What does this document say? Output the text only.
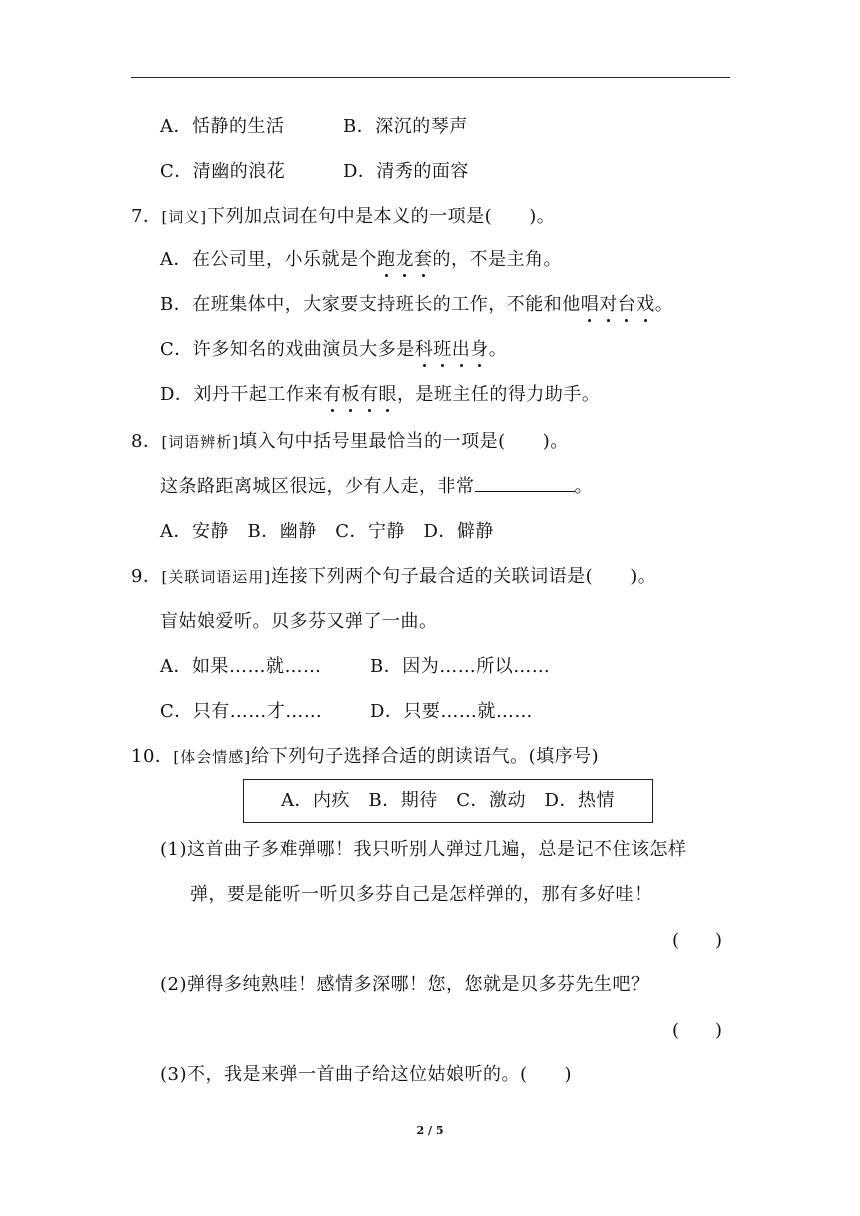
A．恬静的生活	B．深沉的琴声
C．清幽的浪花	D．清秀的面容
7．[词义]下列加点词在句中是本义的一项是(　　)。
A．在公司里，小乐就是个跑龙套的，不是主角。
B．在班集体中，大家要支持班长的工作，不能和他唱对台戏。
C．许多知名的戏曲演员大多是科班出身。
D．刘丹干起工作来有板有眼，是班主任的得力助手。
8．[词语辨析]填入句中括号里最恰当的一项是(　　)。
这条路距离城区很远，少有人走，非常	。
A．安静　B．幽静　C．宁静　D．僻静
9．[关联词语运用]连接下列两个句子最合适的关联词语是(　　)。
盲姑娘爱听。贝多芬又弹了一曲。
A．如果……就……	B．因为……所以……
C．只有……才……	D．只要……就……
10．[体会情感]给下列句子选择合适的朗读语气。(填序号)
A．内疚　B．期待　C．激动　D．热情
(1)这首曲子多难弹哪！我只听别人弹过几遍，总是记不住该怎样
弹，要是能听一听贝多芬自己是怎样弹的，那有多好哇！
(　　)
(2)弹得多纯熟哇！感情多深哪！您，您就是贝多芬先生吧？
(　　)
(3)不，我是来弹一首曲子给这位姑娘听的。(　　)
2 / 5
